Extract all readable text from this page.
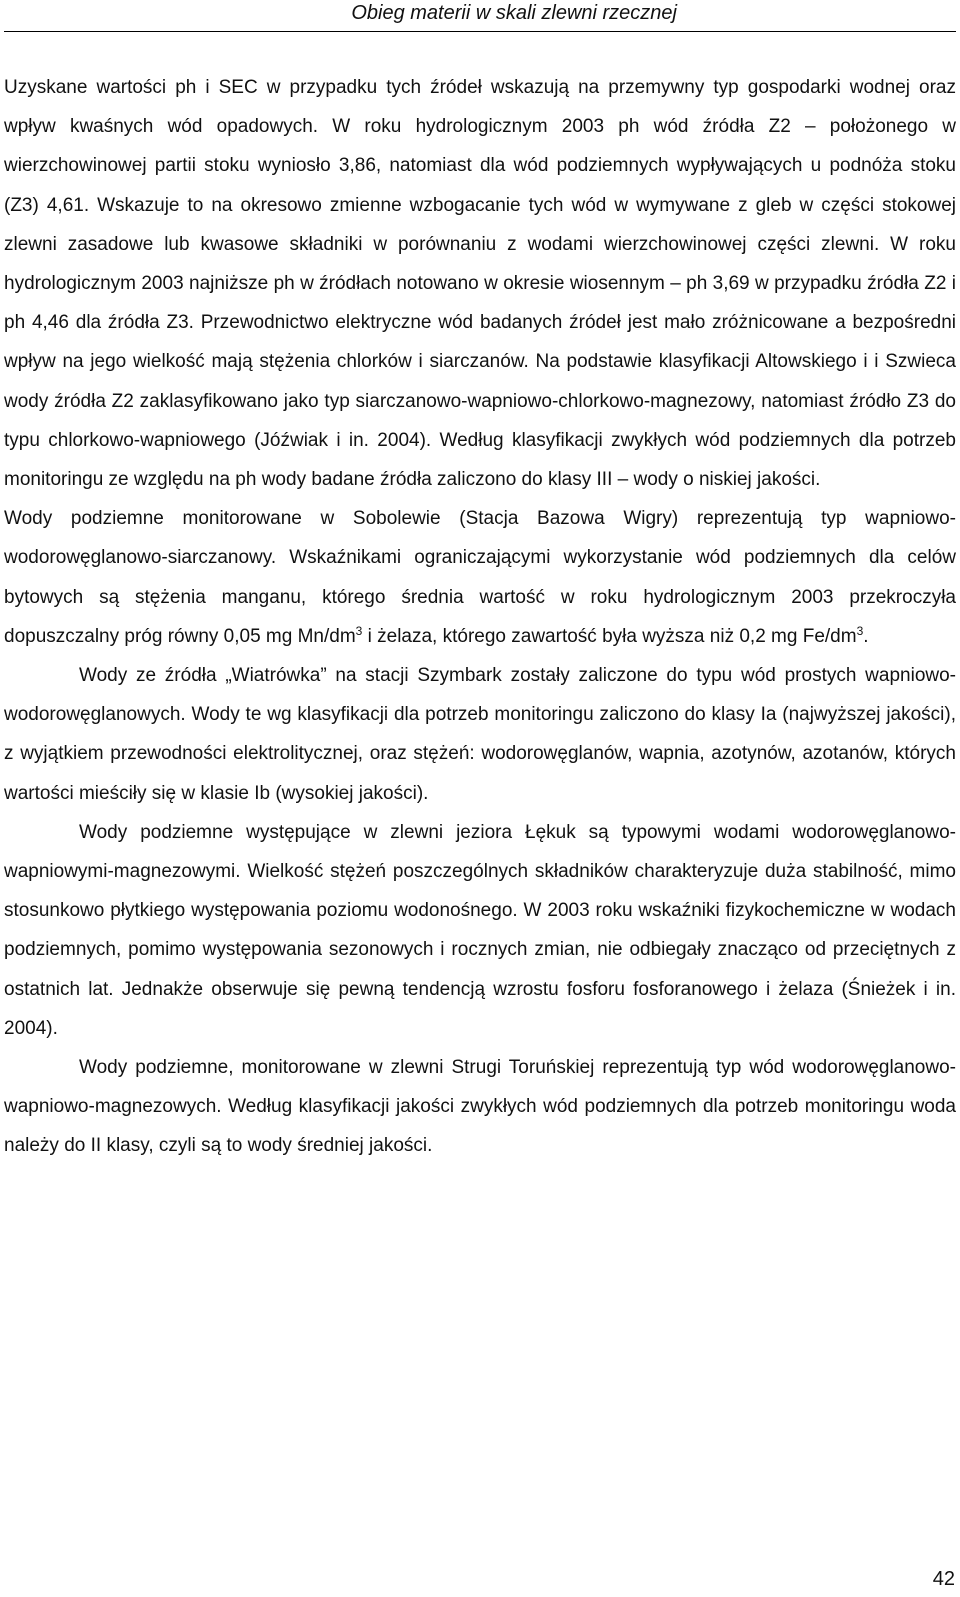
Obieg materii w skali zlewni rzecznej

Uzyskane wartości ph i SEC w przypadku tych źródeł wskazują na przemywny typ gospodarki wodnej oraz wpływ kwaśnych wód opadowych. W roku hydrologicznym 2003 ph wód źródła Z2 – położonego w wierzchowinowej partii stoku wyniosło 3,86, natomiast dla wód podziemnych wypływających u podnóża stoku (Z3) 4,61. Wskazuje to na okresowo zmienne wzbogacanie tych wód w wymywane z gleb w części stokowej zlewni zasadowe lub kwasowe składniki w porównaniu z wodami wierzchowinowej części zlewni. W roku hydrologicznym 2003 najniższe ph w źródłach notowano w okresie wiosennym – ph 3,69 w przypadku źródła Z2 i ph 4,46 dla źródła Z3. Przewodnictwo elektryczne wód badanych źródeł jest mało zróżnicowane a bezpośredni wpływ na jego wielkość mają stężenia chlorków i siarczanów. Na podstawie klasyfikacji Altowskiego i i Szwieca wody źródła Z2 zaklasyfikowano jako typ siarczanowo-wapniowo-chlorkowo-magnezowy, natomiast źródło Z3 do typu chlorkowo-wapniowego (Jóźwiak i in. 2004). Według klasyfikacji zwykłych wód podziemnych dla potrzeb monitoringu ze względu na ph wody badane źródła zaliczono do klasy III – wody o niskiej jakości.

Wody podziemne monitorowane w Sobolewie (Stacja Bazowa Wigry) reprezentują typ wapniowo-wodorowęglanowo-siarczanowy. Wskaźnikami ograniczającymi wykorzystanie wód podziemnych dla celów bytowych są stężenia manganu, którego średnia wartość w roku hydrologicznym 2003 przekroczyła dopuszczalny próg równy 0,05 mg $Mn/dm^3$ i żelaza, którego zawartość była wyższa niż 0,2 mg $Fe/dm^3$.

Wody ze źródła „Wiatrówka” na stacji Szymbark zostały zaliczone do typu wód prostych wapniowo-wodorowęglanowych. Wody te wg klasyfikacji dla potrzeb monitoringu zaliczono do klasy Ia (najwyższej jakości), z wyjątkiem przewodności elektrolitycznej, oraz stężeń: wodorowęglanów, wapnia, azotynów, azotanów, których wartości mieściły się w klasie Ib (wysokiej jakości).

Wody podziemne występujące w zlewni jeziora Łękuk są typowymi wodami wodorowęglanowo-wapniowymi-magnezowymi. Wielkość stężeń poszczególnych składników charakteryzuje duża stabilność, mimo stosunkowo płytkiego występowania poziomu wodonośnego. W 2003 roku wskaźniki fizykochemiczne w wodach podziemnych, pomimo występowania sezonowych i rocznych zmian, nie odbiegały znacząco od przeciętnych z ostatnich lat. Jednakże obserwuje się pewną tendencją wzrostu fosforu fosforanowego i żelaza (Śnieżek i in. 2004).

Wody podziemne, monitorowane w zlewni Strugi Toruńskiej reprezentują typ wód wodorowęglanowo-wapniowo-magnezowych. Według klasyfikacji jakości zwykłych wód podziemnych dla potrzeb monitoringu woda należy do II klasy, czyli są to wody średniej jakości.

42
